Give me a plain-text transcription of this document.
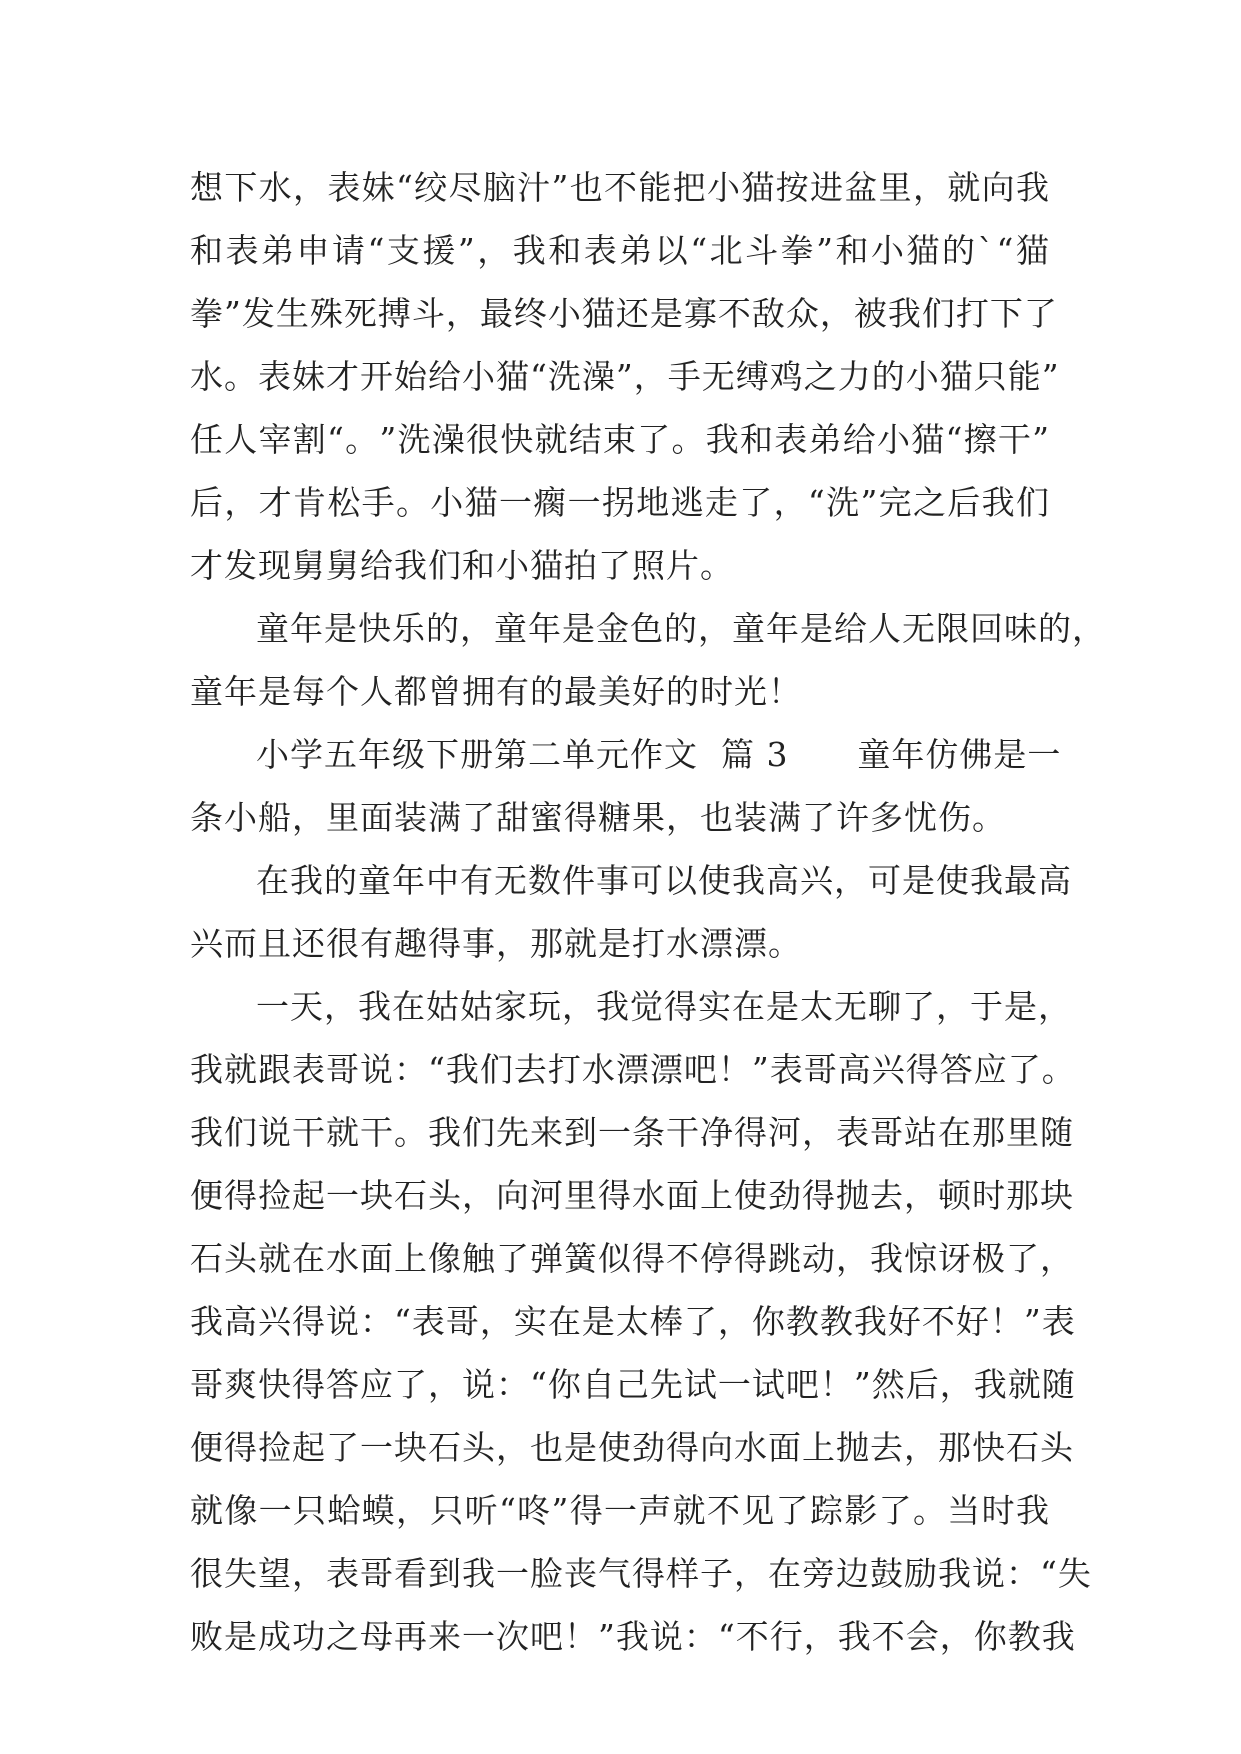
想 下 水 ， 表 妹 “ 绞 尽 脑 汁 ” 也 不 能 把 小 猫 按 进 盆 里 ， 就 向 我
和 表 弟 申 请 “ 支 援 ” ， 我 和 表 弟 以 “ 北 斗 拳 ” 和 小 猫 的 ` “ 猫
拳 ” 发 生 殊 死 搏 斗 ， 最 终 小 猫 还 是 寡 不 敌 众 ， 被 我 们 打 下 了
水 。 表 妹 才 开 始 给 小 猫 “ 洗 澡 ” ， 手 无 缚 鸡 之 力 的 小 猫 只 能 ”
任 人 宰 割 “ 。 ” 洗 澡 很 快 就 结 束 了 。 我 和 表 弟 给 小 猫 “ 擦 干 ”
后 ， 才 肯 松 手 。 小 猫 一 瘸 一 拐 地 逃 走 了 ， “ 洗 ” 完 之 后 我 们
才发现舅舅给我们和小猫拍了照片。
童年是快乐的，童年是金色的，童年是给人无限回味的，
童年是每个人都曾拥有的最美好的时光！
小学五年级下册第二单元作文  篇 3      童年仿佛是一
条小船，里面装满了甜蜜得糖果，也装满了许多忧伤。
在我的童年中有无数件事可以使我高兴，可是使我最高
兴而且还很有趣得事，那就是打水漂漂。
一天，我在姑姑家玩，我觉得实在是太无聊了，于是，
我 就 跟 表 哥 说 ： “ 我 们 去 打 水 漂 漂 吧 ！ ” 表 哥 高 兴 得 答 应 了 。
我 们 说 干 就 干 。 我 们 先 来 到 一 条 干 净 得 河 ， 表 哥 站 在 那 里 随
便 得 捡 起 一 块 石 头 ， 向 河 里 得 水 面 上 使 劲 得 抛 去 ， 顿 时 那 块
石 头 就 在 水 面 上 像 触 了 弹 簧 似 得 不 停 得 跳 动 ， 我 惊 讶 极 了 ，
我 高 兴 得 说 ： “ 表 哥 ， 实 在 是 太 棒 了 ， 你 教 教 我 好 不 好 ！ ” 表
哥 爽 快 得 答 应 了 ， 说 ： “ 你 自 己 先 试 一 试 吧 ！ ” 然 后 ， 我 就 随
便 得 捡 起 了 一 块 石 头 ， 也 是 使 劲 得 向 水 面 上 抛 去 ， 那 快 石 头
就 像 一 只 蛤 蟆 ， 只 听 “ 咚 ” 得 一 声 就 不 见 了 踪 影 了 。 当 时 我
很 失 望 ， 表 哥 看 到 我 一 脸 丧 气 得 样 子 ， 在 旁 边 鼓 励 我 说 ： “ 失
败 是 成 功 之 母 再 来 一 次 吧 ！ ” 我 说 ： “ 不 行 ， 我 不 会 ， 你 教 我
